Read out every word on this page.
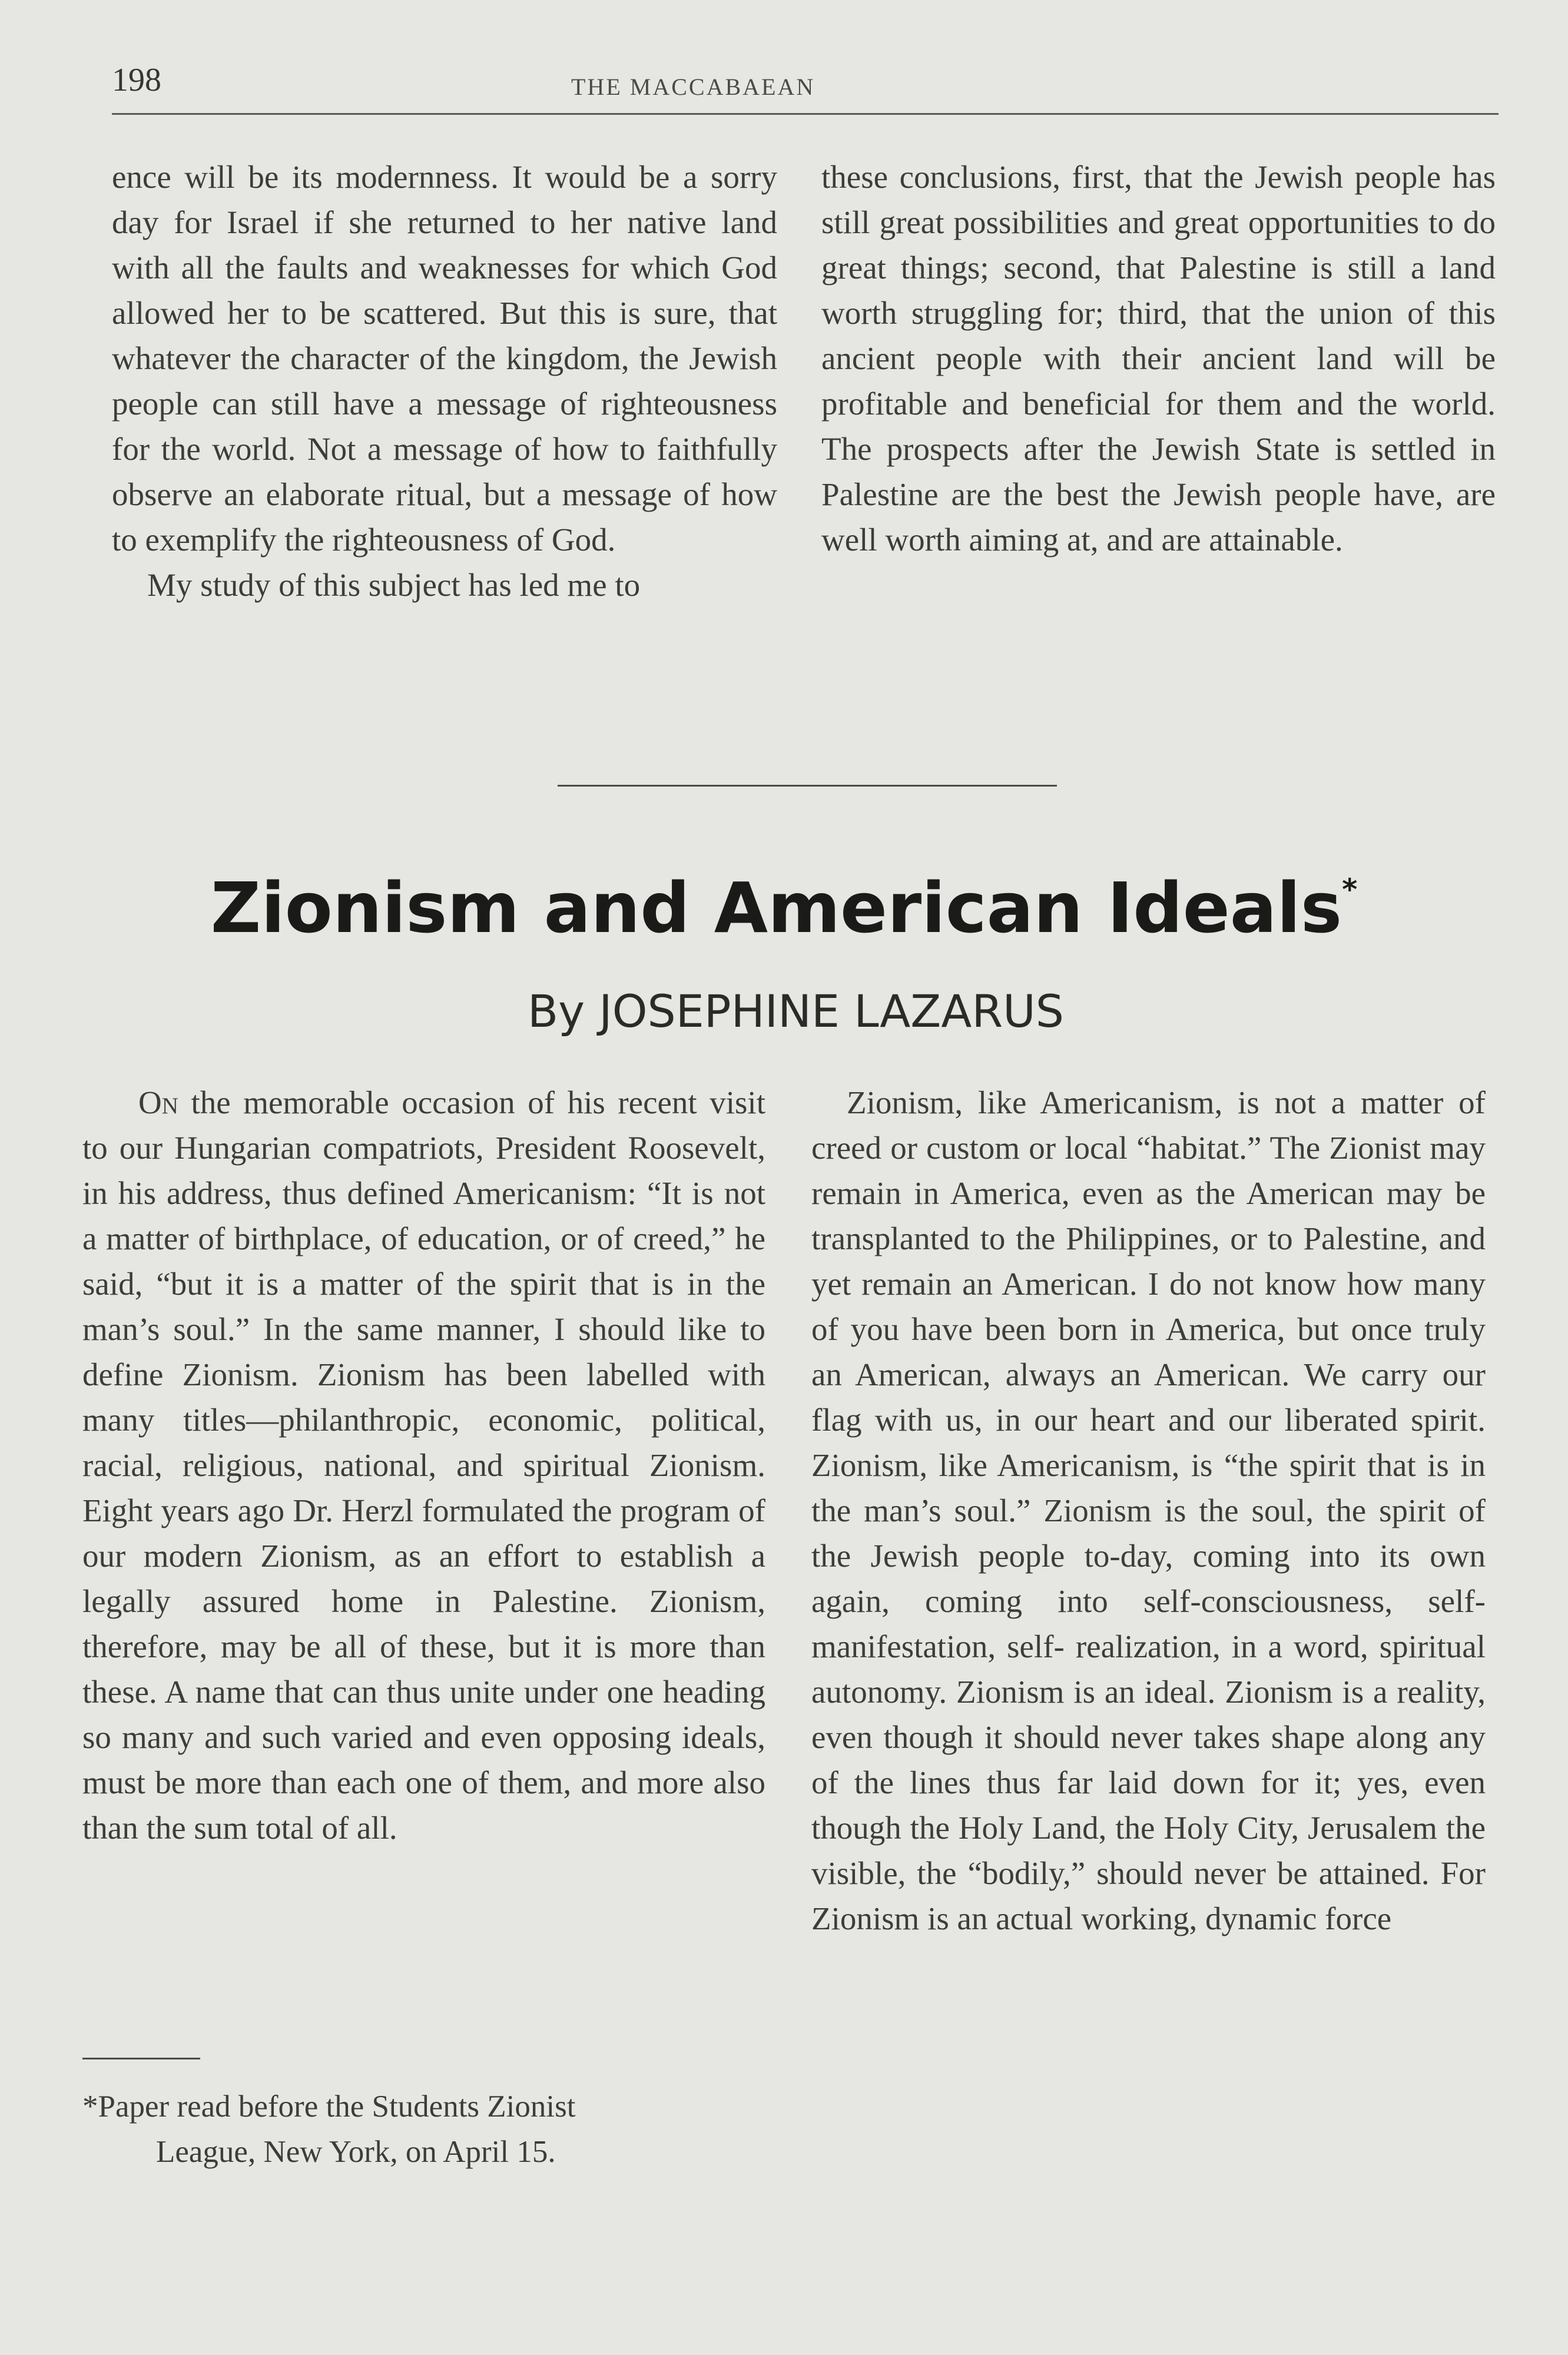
198	THE MACCABAEAN

ence will be its modernness. It would be a sorry day for Israel if she returned to her native land with all the faults and weaknesses for which God allowed her to be scattered. But this is sure, that whatever the character of the kingdom, the Jewish people can still have a message of righteousness for the world. Not a message of how to faithfully observe an elaborate ritual, but a message of how to exemplify the righteousness of God.

My study of this subject has led me to

these conclusions, first, that the Jewish people has still great possibilities and great opportunities to do great things; second, that Palestine is still a land worth struggling for; third, that the union of this ancient people with their ancient land will be profitable and beneficial for them and the world. The prospects after the Jewish State is settled in Palestine are the best the Jewish people have, are well worth aiming at, and are attainable.

Zionism and American Ideals*
By JOSEPHINE LAZARUS

On the memorable occasion of his recent visit to our Hungarian compatriots, President Roosevelt, in his address, thus defined Americanism: “It is not a matter of birthplace, of education, or of creed,” he said, “but it is a matter of the spirit that is in the man’s soul.” In the same manner, I should like to define Zionism. Zionism has been labelled with many titles—philanthropic, economic, political, racial, religious, national, and spiritual Zionism. Eight years ago Dr. Herzl formulated the program of our modern Zionism, as an effort to establish a legally assured home in Palestine. Zionism, therefore, may be all of these, but it is more than these. A name that can thus unite under one heading so many and such varied and even opposing ideals, must be more than each one of them, and more also than the sum total of all.

Zionism, like Americanism, is not a matter of creed or custom or local “habitat.” The Zionist may remain in America, even as the American may be transplanted to the Philippines, or to Palestine, and yet remain an American. I do not know how many of you have been born in America, but once truly an American, always an American. We carry our flag with us, in our heart and our liberated spirit. Zionism, like Americanism, is “the spirit that is in the man’s soul.” Zionism is the soul, the spirit of the Jewish people to-day, coming into its own again, coming into self-consciousness, self-manifestation, self- realization, in a word, spiritual autonomy. Zionism is an ideal. Zionism is a reality, even though it should never takes shape along any of the lines thus far laid down for it; yes, even though the Holy Land, the Holy City, Jerusalem the visible, the “bodily,” should never be attained. For Zionism is an actual working, dynamic force

*Paper read before the Students Zionist
League, New York, on April 15.
